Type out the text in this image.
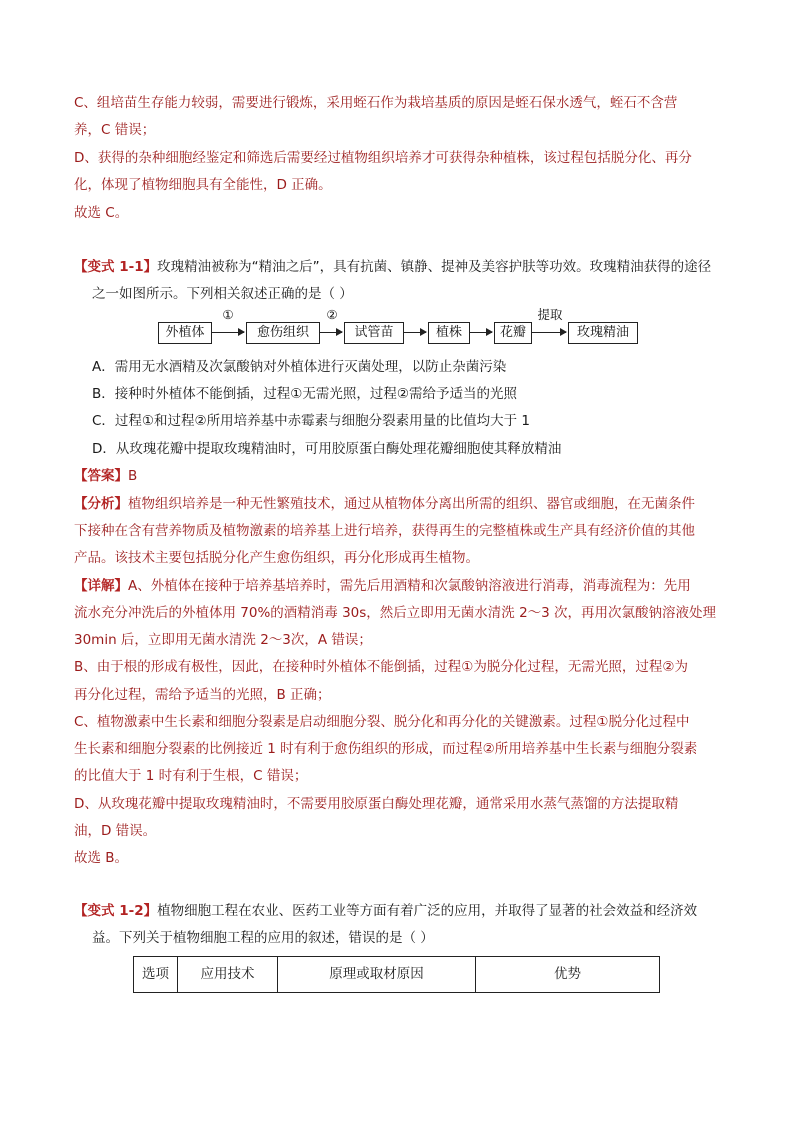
C、组培苗生存能力较弱，需要进行锻炼，采用蛭石作为栽培基质的原因是蛭石保水透气，蛭石不含营
养，C 错误；
D、获得的杂种细胞经鉴定和筛选后需要经过植物组织培养才可获得杂种植株，该过程包括脱分化、再分
化，体现了植物细胞具有全能性，D 正确。
故选 C。
【变式 1-1】玫瑰精油被称为“精油之后”，具有抗菌、镇静、提神及美容护肤等功效。玫瑰精油获得的途径
之一如图所示。下列相关叙述正确的是（ ）
外植体
①
愈伤组织
②
试管苗	植株	花瓣
提取
玫瑰精油
A．需用无水酒精及次氯酸钠对外植体进行灭菌处理，以防止杂菌污染
B．接种时外植体不能倒插，过程①无需光照，过程②需给予适当的光照
C．过程①和过程②所用培养基中赤霉素与细胞分裂素用量的比值均大于 1
D．从玫瑰花瓣中提取玫瑰精油时，可用胶原蛋白酶处理花瓣细胞使其释放精油
【答案】B
【分析】植物组织培养是一种无性繁殖技术，通过从植物体分离出所需的组织、器官或细胞，在无菌条件
下接种在含有营养物质及植物激素的培养基上进行培养，获得再生的完整植株或生产具有经济价值的其他
产品。该技术主要包括脱分化产生愈伤组织，再分化形成再生植物。
【详解】A、外植体在接种于培养基培养时，需先后用酒精和次氯酸钠溶液进行消毒，消毒流程为：先用
流水充分冲洗后的外植体用 70%的酒精消毒 30s，然后立即用无菌水清洗 2～3 次，再用次氯酸钠溶液处理
30min 后，立即用无菌水清洗 2～3次，A 错误；
B、由于根的形成有极性，因此，在接种时外植体不能倒插，过程①为脱分化过程，无需光照，过程②为
再分化过程，需给予适当的光照，B 正确；
C、植物激素中生长素和细胞分裂素是启动细胞分裂、脱分化和再分化的关键激素。过程①脱分化过程中
生长素和细胞分裂素的比例接近 1 时有利于愈伤组织的形成，而过程②所用培养基中生长素与细胞分裂素
的比值大于 1 时有利于生根，C 错误；
D、从玫瑰花瓣中提取玫瑰精油时，不需要用胶原蛋白酶处理花瓣，通常采用水蒸气蒸馏的方法提取精
油，D 错误。
故选 B。
【变式 1-2】植物细胞工程在农业、医药工业等方面有着广泛的应用，并取得了显著的社会效益和经济效
益。下列关于植物细胞工程的应用的叙述，错误的是（ ）
选项	应用技术	原理或取材原因	优势
